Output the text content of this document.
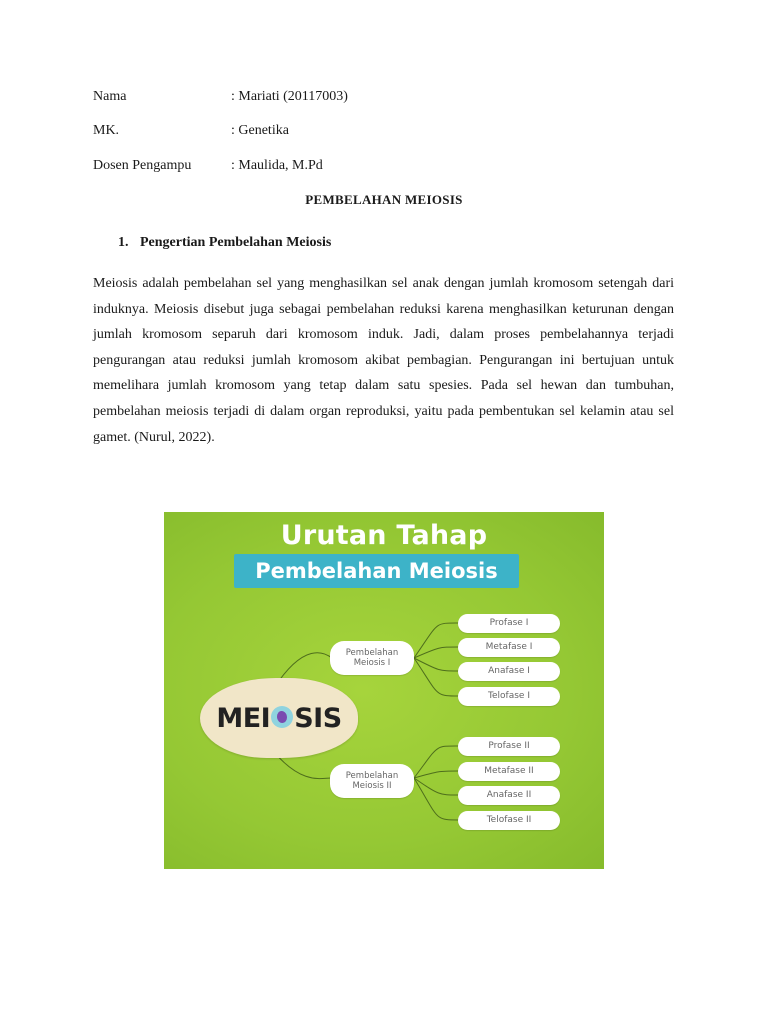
Nama	: Mariati (20117003)
MK.	: Genetika
Dosen Pengampu	: Maulida, M.Pd
PEMBELAHAN MEIOSIS
1. Pengertian Pembelahan Meiosis

Meiosis adalah pembelahan sel yang menghasilkan sel anak dengan jumlah kromosom setengah dari induknya. Meiosis disebut juga sebagai pembelahan reduksi karena menghasilkan keturunan dengan jumlah kromosom separuh dari kromosom induk. Jadi, dalam proses pembelahannya terjadi pengurangan atau reduksi jumlah kromosom akibat pembagian. Pengurangan ini bertujuan untuk memelihara jumlah kromosom yang tetap dalam satu spesies. Pada sel hewan dan tumbuhan, pembelahan meiosis terjadi di dalam organ reproduksi, yaitu pada pembentukan sel kelamin atau sel gamet. (Nurul, 2022).

Urutan Tahap
Pembelahan Meiosis
MEI SIS
Pembelahan
Meiosis I
Pembelahan
Meiosis II
Profase I
Metafase I
Anafase I
Telofase I
Profase II
Metafase II
Anafase II
Telofase II
